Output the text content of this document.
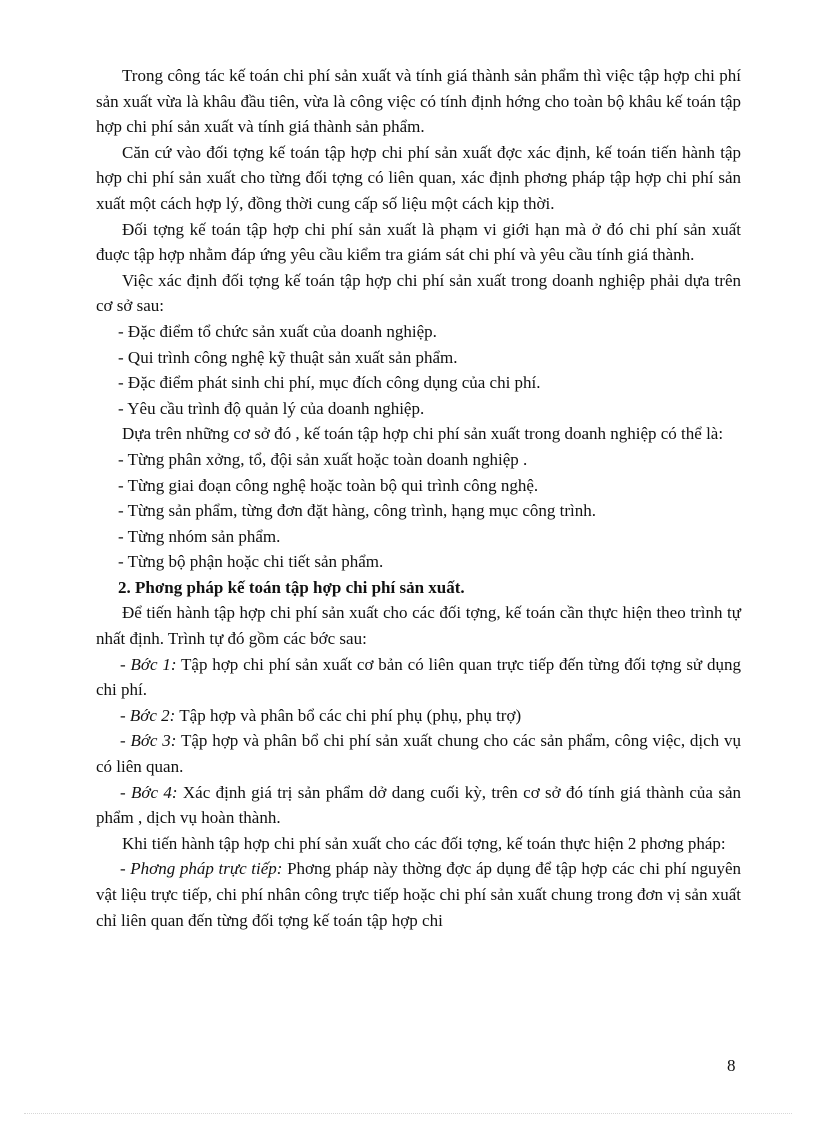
Trong công tác kế toán chi phí sản xuất và tính giá thành sản phẩm thì việc tập hợp chi phí sản xuất vừa là khâu đầu tiên, vừa là công việc có tính định hớng cho toàn bộ khâu kế toán tập hợp chi phí sản xuất và tính giá thành sản phẩm.

Căn cứ vào đối tợng kế toán tập hợp chi phí sản xuất đợc xác định, kế toán tiến hành tập hợp chi phí sản xuất cho từng đối tợng có liên quan, xác định phơng pháp tập hợp chi phí sản xuất một cách hợp lý, đồng thời cung cấp số liệu một cách kịp thời.

Đối tợng kế toán tập hợp chi phí sản xuất là phạm vi giới hạn mà ở đó chi phí sản xuất đuợc tập hợp nhằm đáp ứng yêu cầu kiểm tra giám sát chi phí và yêu cầu tính giá thành.

Việc xác định đối tợng kế toán tập hợp chi phí sản xuất trong doanh nghiệp phải dựa trên cơ sở sau:

- Đặc điểm tổ chức sản xuất của doanh nghiệp.

- Qui trình công nghệ kỹ thuật sản xuất sản phẩm.

- Đặc điểm phát sinh chi phí, mục đích công dụng của chi phí.

- Yêu cầu trình độ quản lý của doanh nghiệp.

Dựa trên những cơ sở đó , kế toán tập hợp chi phí sản xuất trong doanh nghiệp có thể là:

- Từng phân xởng, tổ, đội sản xuất hoặc toàn doanh nghiệp .

- Từng giai đoạn công nghệ hoặc toàn bộ qui trình công nghệ.

- Từng sản phẩm, từng đơn đặt hàng, công trình, hạng mục công trình.

- Từng nhóm sản phẩm.

- Từng bộ phận hoặc chi tiết sản phẩm.

2. Phơng pháp kế toán tập hợp chi phí sản xuất.

Để tiến hành tập hợp chi phí sản xuất cho các đối tợng, kế toán cần thực hiện theo trình tự nhất định. Trình tự đó gồm các bớc sau:

- Bớc 1: Tập hợp chi phí sản xuất cơ bản có liên quan trực tiếp đến từng đối tợng sử dụng chi phí.

- Bớc 2: Tập hợp và phân bổ các chi phí phụ (phụ, phụ trợ)

- Bớc 3: Tập hợp và phân bổ chi phí sản xuất chung cho các sản phẩm, công việc, dịch vụ có liên quan.

- Bớc 4: Xác định giá trị sản phẩm dở dang cuối kỳ, trên cơ sở đó tính giá thành của sản phẩm , dịch vụ hoàn thành.

Khi tiến hành tập hợp chi phí sản xuất cho các đối tợng, kế toán thực hiện 2 phơng pháp:

- Phơng pháp trực tiếp: Phơng pháp này thờng đợc áp dụng để tập hợp các chi phí nguyên vật liệu trực tiếp, chi phí nhân công trực tiếp hoặc chi phí sản xuất chung trong đơn vị sản xuất chỉ liên quan đến từng đối tợng kế toán tập hợp chi

8
